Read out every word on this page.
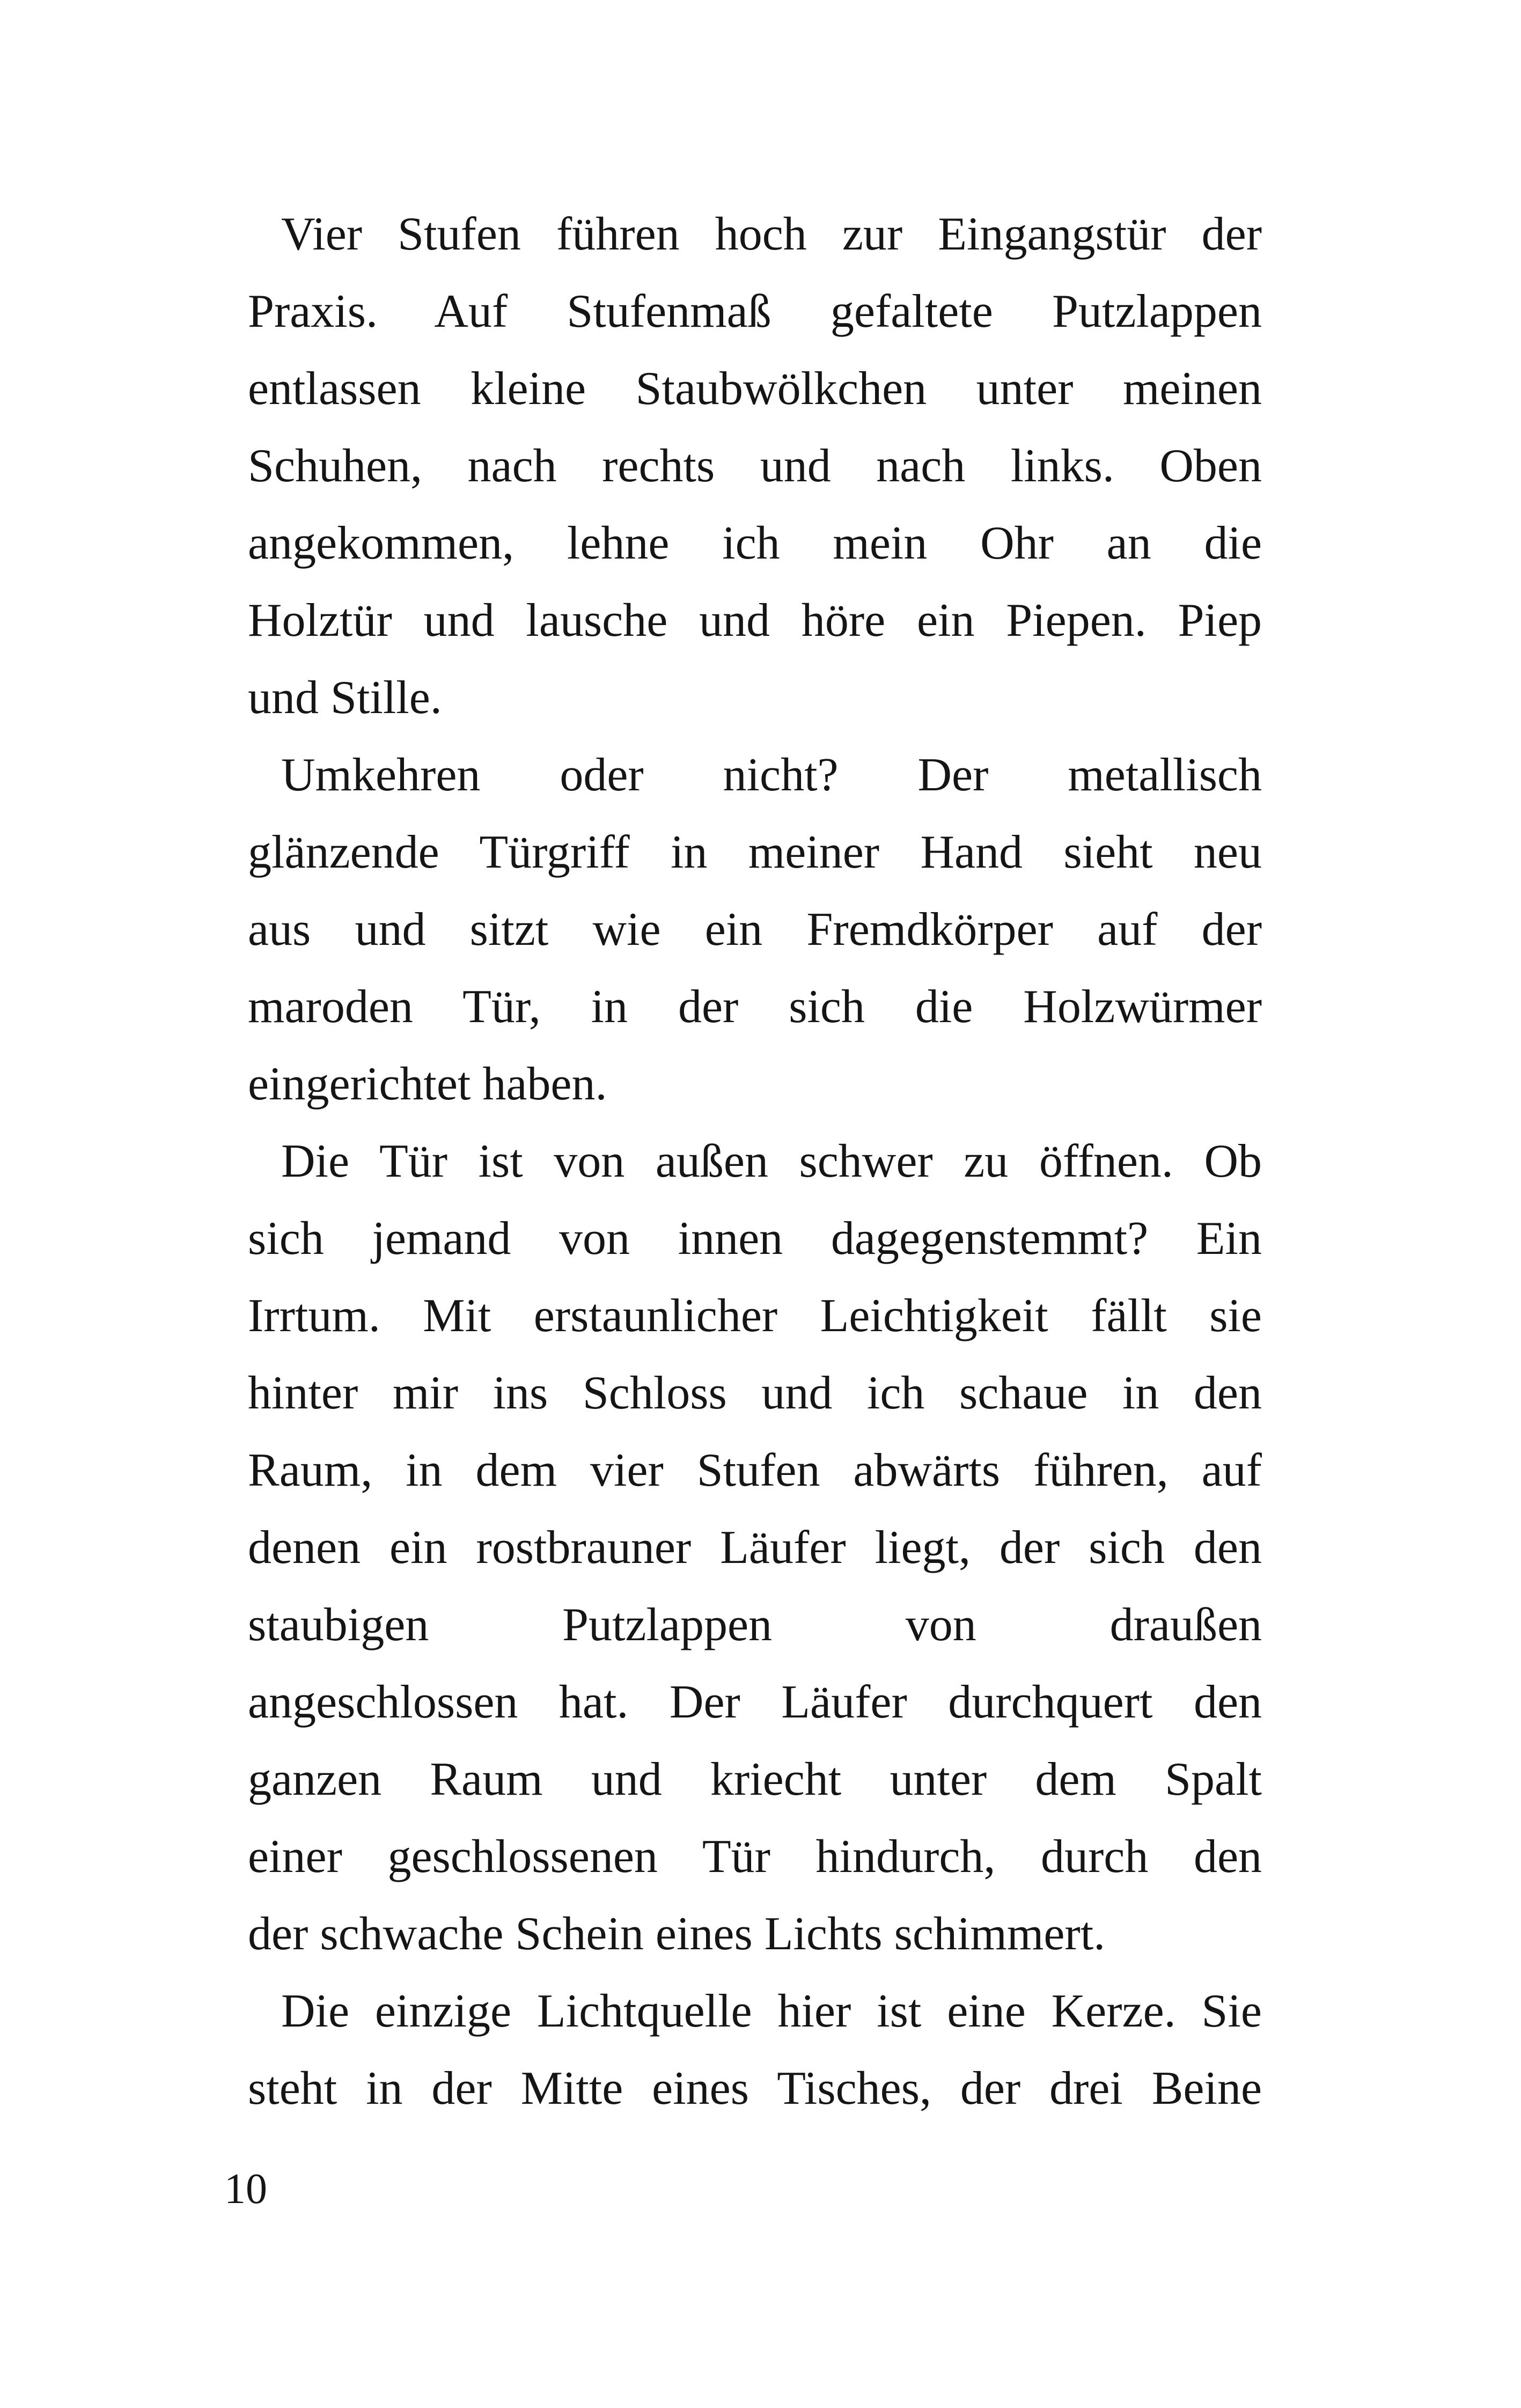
Vier Stufen führen hoch zur Eingangstür der
Praxis. Auf Stufenmaß gefaltete Putzlappen
entlassen kleine Staubwölkchen unter meinen
Schuhen, nach rechts und nach links. Oben
angekommen, lehne ich mein Ohr an die
Holztür und lausche und höre ein Piepen. Piep
und Stille.
Umkehren oder nicht? Der metallisch
glänzende Türgriff in meiner Hand sieht neu
aus und sitzt wie ein Fremdkörper auf der
maroden Tür, in der sich die Holzwürmer
eingerichtet haben.
Die Tür ist von außen schwer zu öffnen. Ob
sich jemand von innen dagegenstemmt? Ein
Irrtum. Mit erstaunlicher Leichtigkeit fällt sie
hinter mir ins Schloss und ich schaue in den
Raum, in dem vier Stufen abwärts führen, auf
denen ein rostbrauner Läufer liegt, der sich den
staubigen Putzlappen von draußen
angeschlossen hat. Der Läufer durchquert den
ganzen Raum und kriecht unter dem Spalt
einer geschlossenen Tür hindurch, durch den
der schwache Schein eines Lichts schimmert.
Die einzige Lichtquelle hier ist eine Kerze. Sie
steht in der Mitte eines Tisches, der drei Beine
10
